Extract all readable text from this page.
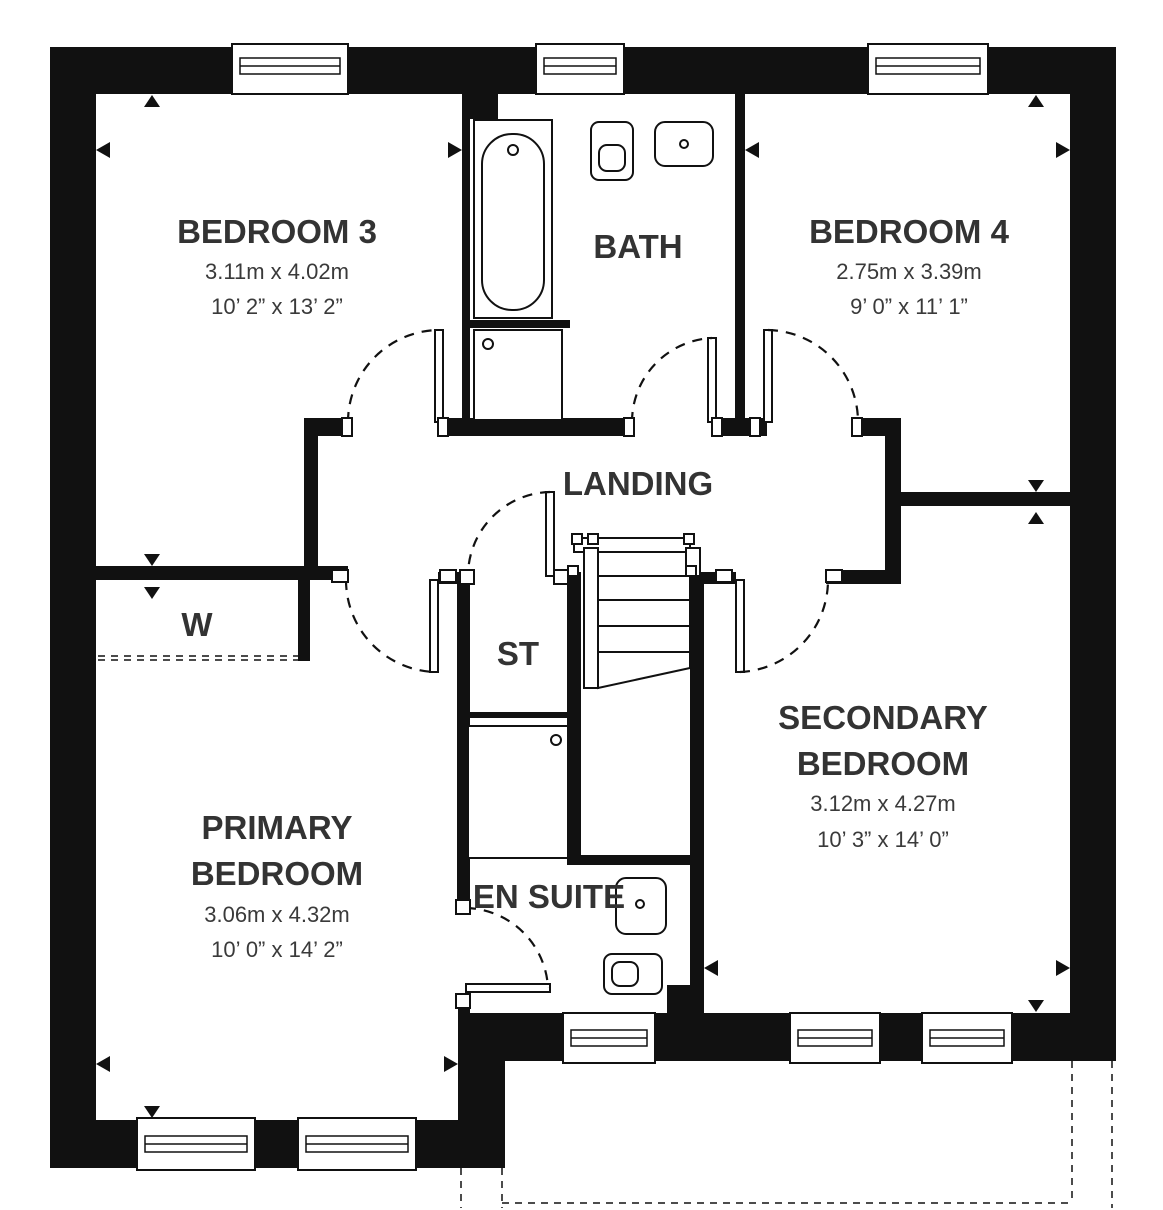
BEDROOM 3
3.11m x 4.02m
10’ 2” x 13’ 2”
BATH	BEDROOM 4
2.75m x 3.39m
9’ 0” x 11’ 1”
LANDING
W
ST
EN SUITE
PRIMARY
BEDROOM
3.06m x 4.32m
10’ 0” x 14’ 2”
SECONDARY
BEDROOM
3.12m x 4.27m
10’ 3” x 14’ 0”
